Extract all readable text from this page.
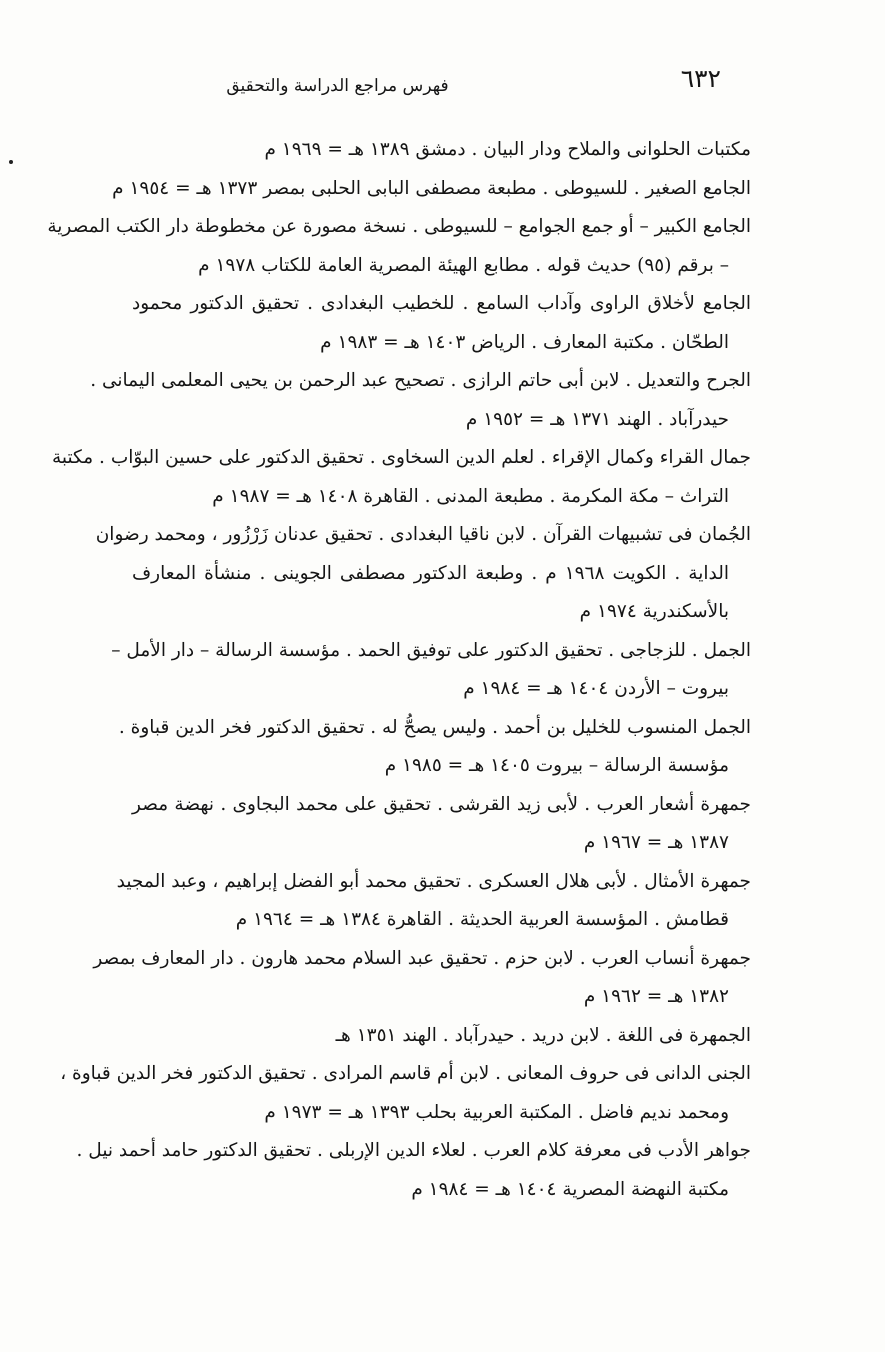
٦٣٢
فهرس مراجع الدراسة والتحقيق
مكتبات الحلوانى والملاح ودار البيان . دمشق ١٣٨٩ هـ = ١٩٦٩ م
الجامع الصغير . للسيوطى . مطبعة مصطفى البابى الحلبى بمصر ١٣٧٣ هـ = ١٩٥٤ م
الجامع الكبير – أو جمع الجوامع – للسيوطى . نسخة مصورة عن مخطوطة دار الكتب المصرية
– برقم (٩٥) حديث قوله . مطابع الهيئة المصرية العامة للكتاب ١٩٧٨ م
الجامع لأخلاق الراوى وآداب السامع . للخطيب البغدادى . تحقيق الدكتور محمود
الطحّان . مكتبة المعارف . الرياض ١٤٠٣ هـ = ١٩٨٣ م
الجرح والتعديل . لابن أبى حاتم الرازى . تصحيح عبد الرحمن بن يحيى المعلمى اليمانى .
حيدرآباد . الهند ١٣٧١ هـ = ١٩٥٢ م
جمال القراء وكمال الإقراء . لعلم الدين السخاوى . تحقيق الدكتور على حسين البوّاب . مكتبة
التراث – مكة المكرمة . مطبعة المدنى . القاهرة ١٤٠٨ هـ = ١٩٨٧ م
الجُمان فى تشبيهات القرآن . لابن ناقيا البغدادى . تحقيق عدنان زَرْزُور ، ومحمد رضوان
الداية . الكويت ١٩٦٨ م . وطبعة الدكتور مصطفى الجوينى . منشأة المعارف
بالأسكندرية ١٩٧٤ م
الجمل . للزجاجى . تحقيق الدكتور على توفيق الحمد . مؤسسة الرسالة – دار الأمل –
بيروت – الأردن ١٤٠٤ هـ = ١٩٨٤ م
الجمل المنسوب للخليل بن أحمد . وليس يصحُّ له . تحقيق الدكتور فخر الدين قباوة .
مؤسسة الرسالة – بيروت ١٤٠٥ هـ = ١٩٨٥ م
جمهرة أشعار العرب . لأبى زيد القرشى . تحقيق على محمد البجاوى . نهضة مصر
١٣٨٧ هـ = ١٩٦٧ م
جمهرة الأمثال . لأبى هلال العسكرى . تحقيق محمد أبو الفضل إبراهيم ، وعبد المجيد
قطامش . المؤسسة العربية الحديثة . القاهرة ١٣٨٤ هـ = ١٩٦٤ م
جمهرة أنساب العرب . لابن حزم . تحقيق عبد السلام محمد هارون . دار المعارف بمصر
١٣٨٢ هـ = ١٩٦٢ م
الجمهرة فى اللغة . لابن دريد . حيدرآباد . الهند ١٣٥١ هـ
الجنى الدانى فى حروف المعانى . لابن أم قاسم المرادى . تحقيق الدكتور فخر الدين قباوة ،
ومحمد نديم فاضل . المكتبة العربية بحلب ١٣٩٣ هـ = ١٩٧٣ م
جواهر الأدب فى معرفة كلام العرب . لعلاء الدين الإربلى . تحقيق الدكتور حامد أحمد نيل .
مكتبة النهضة المصرية ١٤٠٤ هـ = ١٩٨٤ م
